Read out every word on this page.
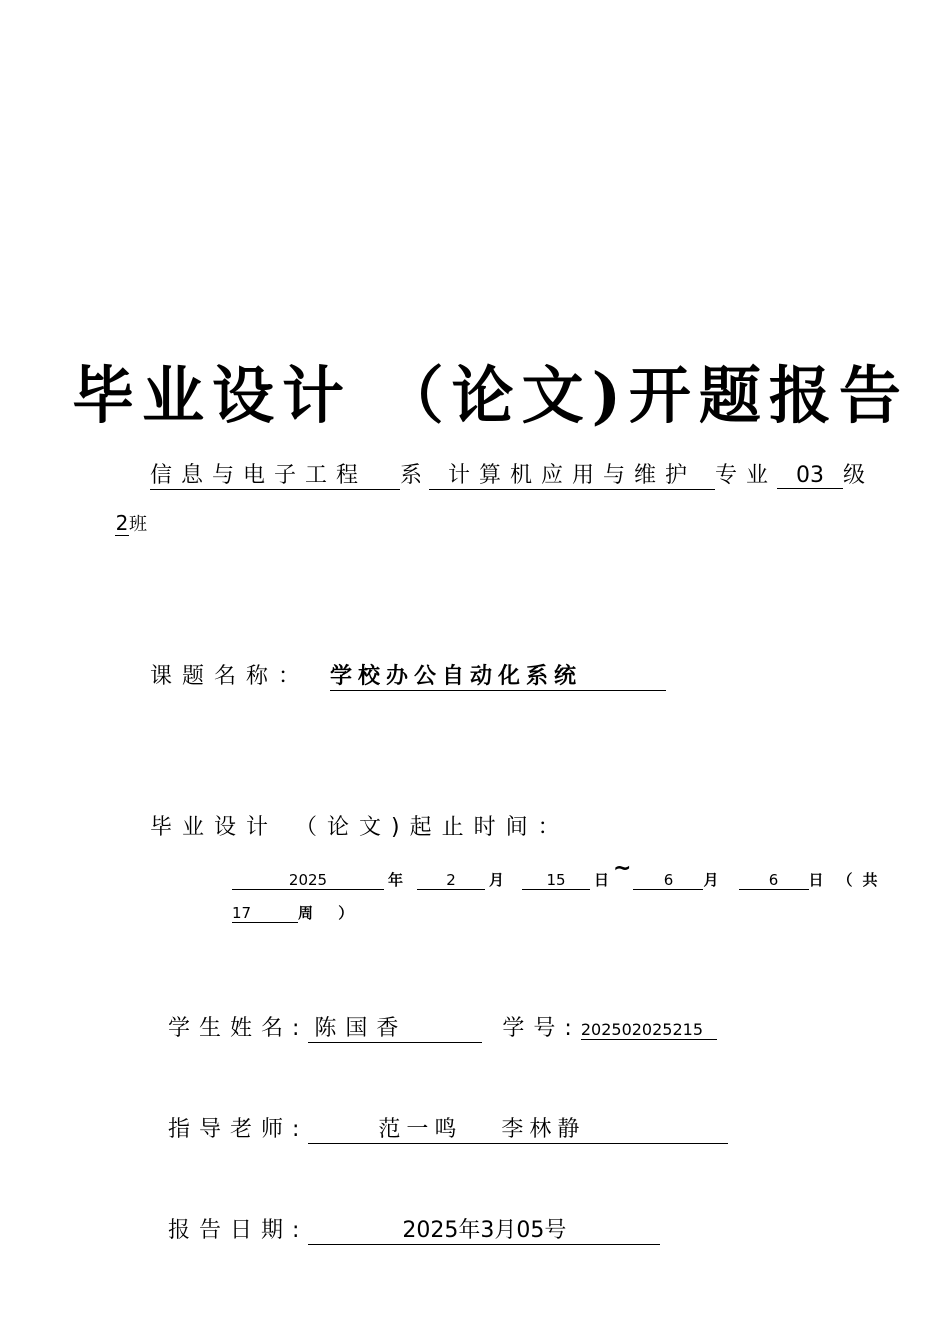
毕业设计 （论文)开题报告
信息与电子工程 系 计算机应用与维护 专业 03 级
2班
课题名称： 学校办公自动化系统
毕业设计 （论文)起止时间：
2025	年	2 月	15 日 ~ 6 月	6 日 （共
17	周 ）
学生姓名: 陈国香	学号:202502025215
指导老师:	范一鸣   李林静
报告日期:	2025年3月05号
